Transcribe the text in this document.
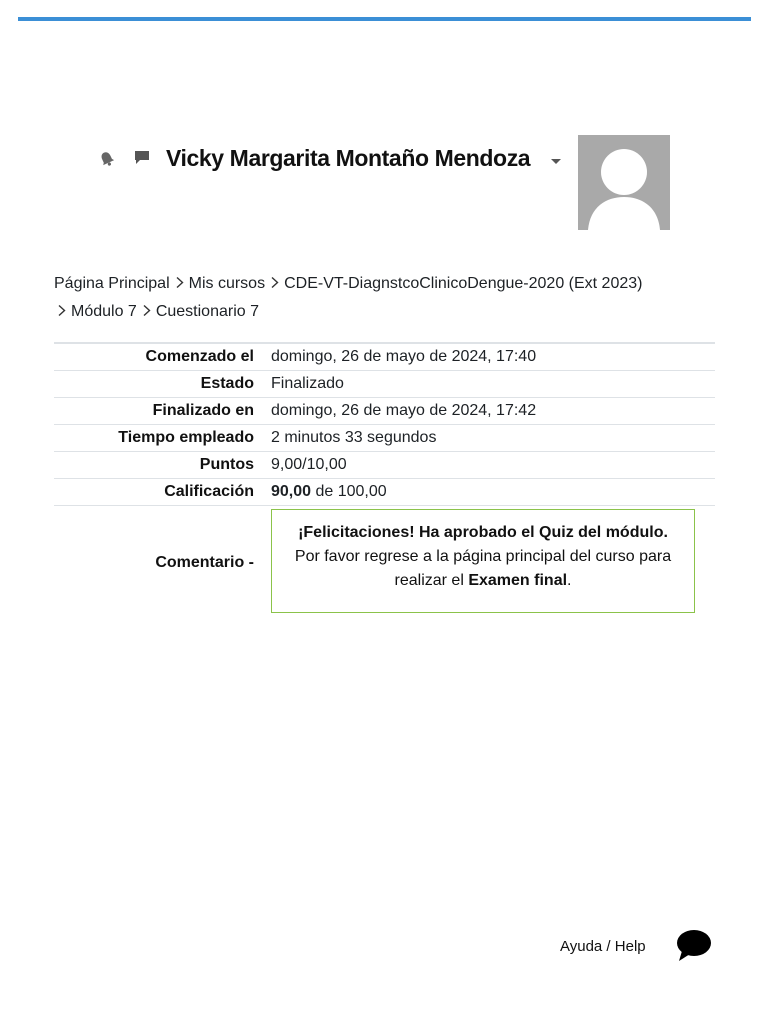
Vicky Margarita Montaño Mendoza
Página Principal Mis cursos CDE-VT-DiagnstcoClinicoDengue-2020 (Ext 2023)
Módulo 7 Cuestionario 7
Comenzado el	domingo, 26 de mayo de 2024, 17:40
Estado	Finalizado
Finalizado en	domingo, 26 de mayo de 2024, 17:42
Tiempo empleado	2 minutos 33 segundos
Puntos	9,00/10,00
Calificación	90,00 de 100,00
Comentario -	¡Felicitaciones! Ha aprobado el Quiz del módulo.
Por favor regrese a la página principal del curso para realizar el Examen final.
Ayuda / Help
